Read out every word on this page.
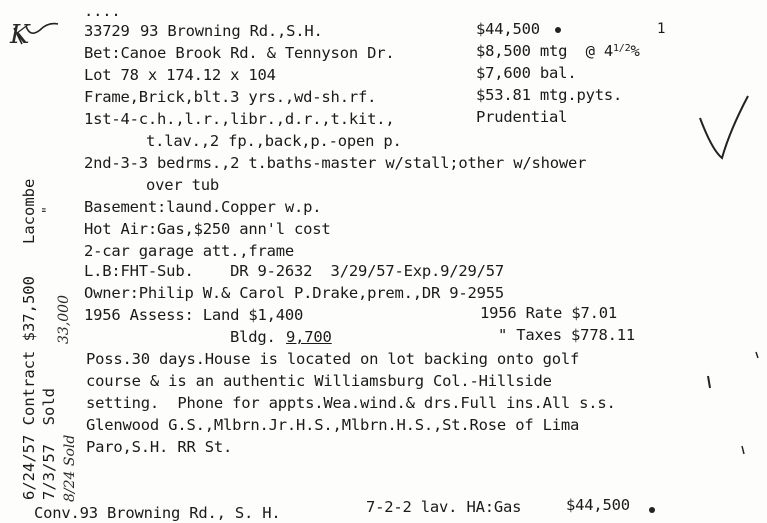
....
33729 93 Browning Rd.,S.H.	$44,500	1
Bet:Canoe Brook Rd. & Tennyson Dr.	$8,500 mtg  @ 41/2%
Lot 78 x 174.12 x 104	$7,600 bal.
Frame,Brick,blt.3 yrs.,wd-sh.rf.	$53.81 mtg.pyts.
1st-4-c.h.,l.r.,libr.,d.r.,t.kit.,	Prudential
t.lav.,2 fp.,back,p.-open p.
2nd-3-3 bedrms.,2 t.baths-master w/stall;other w/shower
over tub
Basement:laund.Copper w.p.
Hot Air:Gas,$250 ann'l cost
2-car garage att.,frame
L.B:FHT-Sub.    DR 9-2632  3/29/57-Exp.9/29/57
Owner:Philip W.& Carol P.Drake,prem.,DR 9-2955
1956 Assess: Land $1,400	1956 Rate $7.01
Bldg. 9,700	" Taxes $778.11
Poss.30 days.House is located on lot backing onto golf
course & is an authentic Williamsburg Col.-Hillside
setting.  Phone for appts.Wea.wind.& drs.Full ins.All s.s.
Glenwood G.S.,Mlbrn.Jr.H.S.,Mlbrn.H.S.,St.Rose of Lima
Paro,S.H. RR St.
Conv.93 Browning Rd., S. H.	7-2-2 lav. HA:Gas	$44,500
Lacombe "
6/24/57 Contract $37,500 7/3/57  Sold
33,000
8/24 Sold
K
